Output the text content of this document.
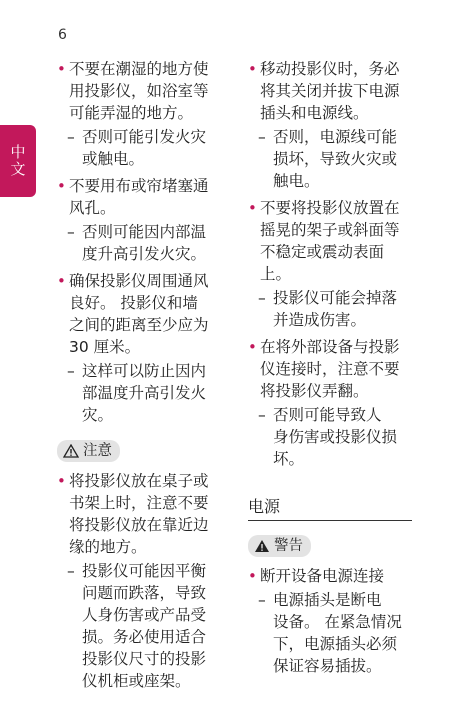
6
中文
• 不要在潮湿的地方使
用投影仪，如浴室等
可能弄湿的地方。
– 否则可能引发火灾
或触电。
• 不要用布或帘堵塞通
风孔。
– 否则可能因内部温
度升高引发火灾。
• 确保投影仪周围通风
良好。 投影仪和墙
之间的距离至少应为
30 厘米。
– 这样可以防止因内
部温度升高引发火
灾。
注意
• 将投影仪放在桌子或
书架上时，注意不要
将投影仪放在靠近边
缘的地方。
– 投影仪可能因平衡
问题而跌落，导致
人身伤害或产品受
损。务必使用适合
投影仪尺寸的投影
仪机柜或座架。
• 移动投影仪时，务必
将其关闭并拔下电源
插头和电源线。
– 否则，电源线可能
损坏，导致火灾或
触电。
• 不要将投影仪放置在
摇晃的架子或斜面等
不稳定或震动表面
上。
– 投影仪可能会掉落
并造成伤害。
• 在将外部设备与投影
仪连接时，注意不要
将投影仪弄翻。
– 否则可能导致人
身伤害或投影仪损
坏。
电源
警告
• 断开设备电源连接
– 电源插头是断电
设备。 在紧急情况
下，电源插头必须
保证容易插拔。
